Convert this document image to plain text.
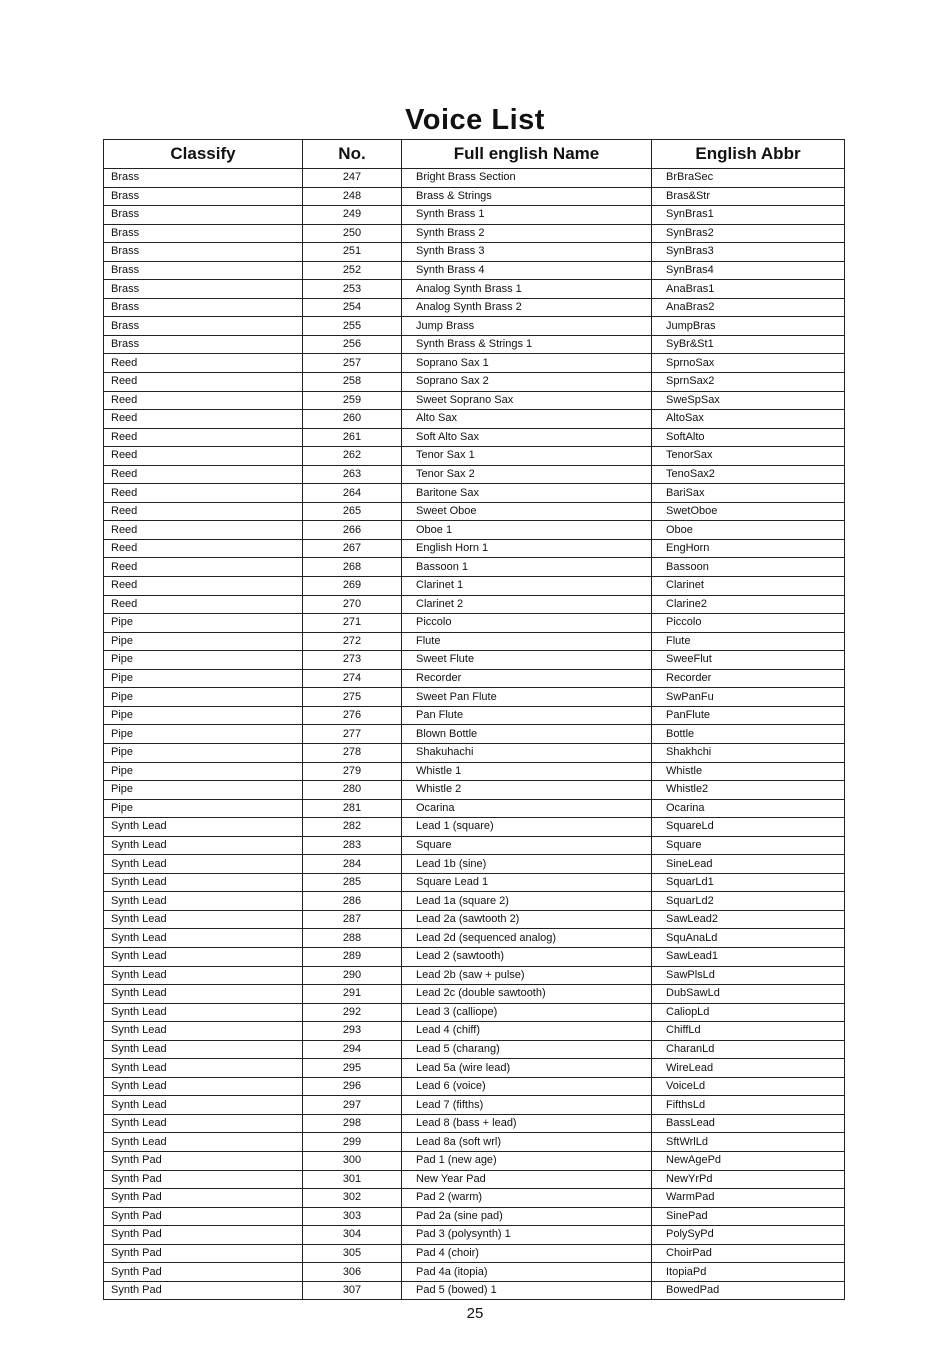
Voice List
Classify	No.	Full english Name	English Abbr
Brass	247	Bright Brass Section	BrBraSec
Brass	248	Brass & Strings	Bras&Str
Brass	249	Synth Brass 1	SynBras1
Brass	250	Synth Brass 2	SynBras2
Brass	251	Synth Brass 3	SynBras3
Brass	252	Synth Brass 4	SynBras4
Brass	253	Analog Synth Brass 1	AnaBras1
Brass	254	Analog Synth Brass 2	AnaBras2
Brass	255	Jump Brass	JumpBras
Brass	256	Synth Brass & Strings 1	SyBr&St1
Reed	257	Soprano Sax 1	SprnoSax
Reed	258	Soprano Sax 2	SprnSax2
Reed	259	Sweet Soprano Sax	SweSpSax
Reed	260	Alto Sax	AltoSax
Reed	261	Soft Alto Sax	SoftAlto
Reed	262	Tenor Sax 1	TenorSax
Reed	263	Tenor Sax 2	TenoSax2
Reed	264	Baritone Sax	BariSax
Reed	265	Sweet Oboe	SwetOboe
Reed	266	Oboe 1	Oboe
Reed	267	English Horn 1	EngHorn
Reed	268	Bassoon 1	Bassoon
Reed	269	Clarinet 1	Clarinet
Reed	270	Clarinet 2	Clarine2
Pipe	271	Piccolo	Piccolo
Pipe	272	Flute	Flute
Pipe	273	Sweet Flute	SweeFlut
Pipe	274	Recorder	Recorder
Pipe	275	Sweet Pan Flute	SwPanFu
Pipe	276	Pan Flute	PanFlute
Pipe	277	Blown Bottle	Bottle
Pipe	278	Shakuhachi	Shakhchi
Pipe	279	Whistle 1	Whistle
Pipe	280	Whistle 2	Whistle2
Pipe	281	Ocarina	Ocarina
Synth Lead	282	Lead 1 (square)	SquareLd
Synth Lead	283	Square	Square
Synth Lead	284	Lead 1b (sine)	SineLead
Synth Lead	285	Square Lead 1	SquarLd1
Synth Lead	286	Lead 1a (square 2)	SquarLd2
Synth Lead	287	Lead 2a (sawtooth 2)	SawLead2
Synth Lead	288	Lead 2d (sequenced analog)	SquAnaLd
Synth Lead	289	Lead 2 (sawtooth)	SawLead1
Synth Lead	290	Lead 2b (saw + pulse)	SawPlsLd
Synth Lead	291	Lead 2c (double sawtooth)	DubSawLd
Synth Lead	292	Lead 3 (calliope)	CaliopLd
Synth Lead	293	Lead 4 (chiff)	ChiffLd
Synth Lead	294	Lead 5 (charang)	CharanLd
Synth Lead	295	Lead 5a (wire lead)	WireLead
Synth Lead	296	Lead 6 (voice)	VoiceLd
Synth Lead	297	Lead 7 (fifths)	FifthsLd
Synth Lead	298	Lead 8 (bass + lead)	BassLead
Synth Lead	299	Lead 8a (soft wrl)	SftWrlLd
Synth Pad	300	Pad 1 (new age)	NewAgePd
Synth Pad	301	New Year Pad	NewYrPd
Synth Pad	302	Pad 2 (warm)	WarmPad
Synth Pad	303	Pad 2a (sine pad)	SinePad
Synth Pad	304	Pad 3 (polysynth) 1	PolySyPd
Synth Pad	305	Pad 4 (choir)	ChoirPad
Synth Pad	306	Pad 4a (itopia)	ItopiaPd
Synth Pad	307	Pad 5 (bowed) 1	BowedPad
25
